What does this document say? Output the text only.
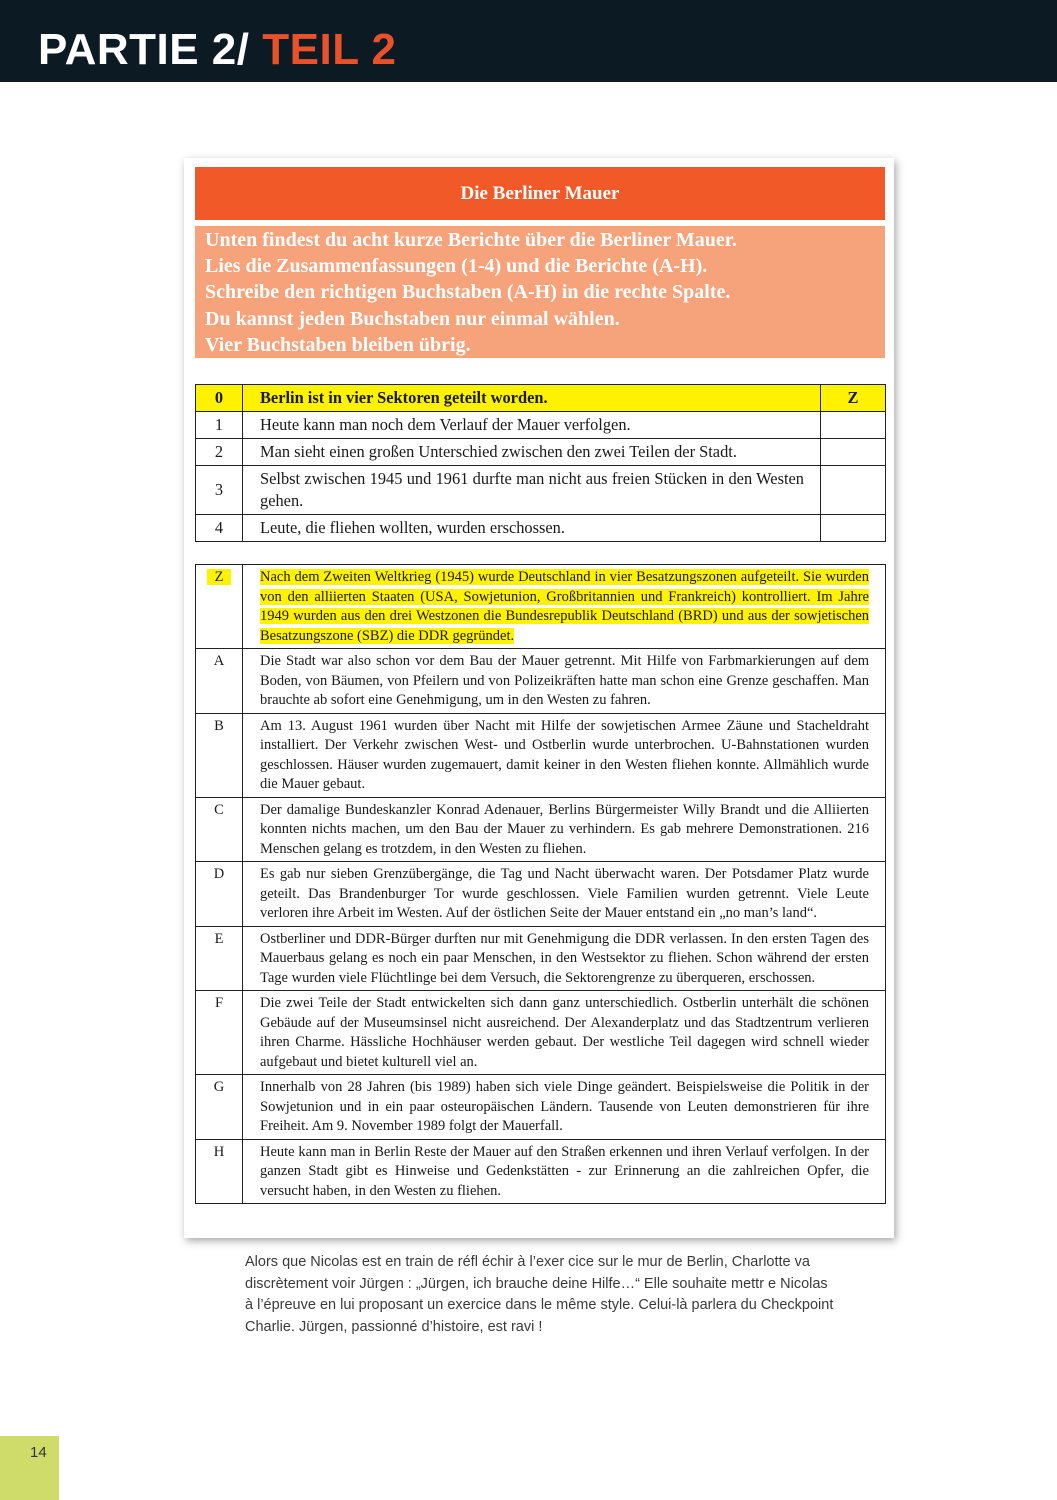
PARTIE 2/ TEIL 2
Die Berliner Mauer
Unten findest du acht kurze Berichte über die Berliner Mauer.
Lies die Zusammenfassungen (1-4) und die Berichte (A-H).
Schreibe den richtigen Buchstaben (A-H) in die rechte Spalte.
Du kannst jeden Buchstaben nur einmal wählen.
Vier Buchstaben bleiben übrig.
0	Berlin ist in vier Sektoren geteilt worden.	Z
1	Heute kann man noch dem Verlauf der Mauer verfolgen.	
2	Man sieht einen großen Unterschied zwischen den zwei Teilen der Stadt.	
3	Selbst zwischen 1945 und 1961 durfte man nicht aus freien Stücken in den Westen gehen.	
4	Leute, die fliehen wollten, wurden erschossen.	
Z	Nach dem Zweiten Weltkrieg (1945) wurde Deutschland in vier Besatzungszonen aufgeteilt. Sie wurden von den alliierten Staaten (USA, Sowjetunion, Großbritannien und Frankreich) kontrolliert. Im Jahre 1949 wurden aus den drei Westzonen die Bundesrepublik Deutschland (BRD) und aus der sowjetischen Besatzungszone (SBZ) die DDR gegründet.
A	Die Stadt war also schon vor dem Bau der Mauer getrennt. Mit Hilfe von Farbmarkierungen auf dem Boden, von Bäumen, von Pfeilern und von Polizeikräften hatte man schon eine Grenze geschaffen. Man brauchte ab sofort eine Genehmigung, um in den Westen zu fahren.
B	Am 13. August 1961 wurden über Nacht mit Hilfe der sowjetischen Armee Zäune und Stacheldraht installiert. Der Verkehr zwischen West- und Ostberlin wurde unterbrochen. U-Bahnstationen wurden geschlossen. Häuser wurden zugemauert, damit keiner in den Westen fliehen konnte. Allmählich wurde die Mauer gebaut.
C	Der damalige Bundeskanzler Konrad Adenauer, Berlins Bürgermeister Willy Brandt und die Alliierten konnten nichts machen, um den Bau der Mauer zu verhindern. Es gab mehrere Demonstrationen. 216 Menschen gelang es trotzdem, in den Westen zu fliehen.
D	Es gab nur sieben Grenzübergänge, die Tag und Nacht überwacht waren. Der Potsdamer Platz wurde geteilt. Das Brandenburger Tor wurde geschlossen. Viele Familien wurden getrennt. Viele Leute verloren ihre Arbeit im Westen. Auf der östlichen Seite der Mauer entstand ein „no man’s land“.
E	Ostberliner und DDR-Bürger durften nur mit Genehmigung die DDR verlassen. In den ersten Tagen des Mauerbaus gelang es noch ein paar Menschen, in den Westsektor zu fliehen. Schon während der ersten Tage wurden viele Flüchtlinge bei dem Versuch, die Sektorengrenze zu überqueren, erschossen.
F	Die zwei Teile der Stadt entwickelten sich dann ganz unterschiedlich. Ostberlin unterhält die schönen Gebäude auf der Museumsinsel nicht ausreichend. Der Alexanderplatz und das Stadtzentrum verlieren ihren Charme. Hässliche Hochhäuser werden gebaut. Der westliche Teil dagegen wird schnell wieder aufgebaut und bietet kulturell viel an.
G	Innerhalb von 28 Jahren (bis 1989) haben sich viele Dinge geändert. Beispielsweise die Politik in der Sowjetunion und in ein paar osteuropäischen Ländern. Tausende von Leuten demonstrieren für ihre Freiheit. Am 9. November 1989 folgt der Mauerfall.
H	Heute kann man in Berlin Reste der Mauer auf den Straßen erkennen und ihren Verlauf verfolgen. In der ganzen Stadt gibt es Hinweise und Gedenkstätten - zur Erinnerung an die zahlreichen Opfer, die versucht haben, in den Westen zu fliehen.
Alors que Nicolas est en train de réfl échir à l’exer cice sur le mur de Berlin, Charlotte va
discrètement voir Jürgen : „Jürgen, ich brauche deine Hilfe…“ Elle souhaite mettr e Nicolas
à l’épreuve en lui proposant un exercice dans le même style. Celui-là parlera du Checkpoint
Charlie. Jürgen, passionné d’histoire, est ravi !
14
